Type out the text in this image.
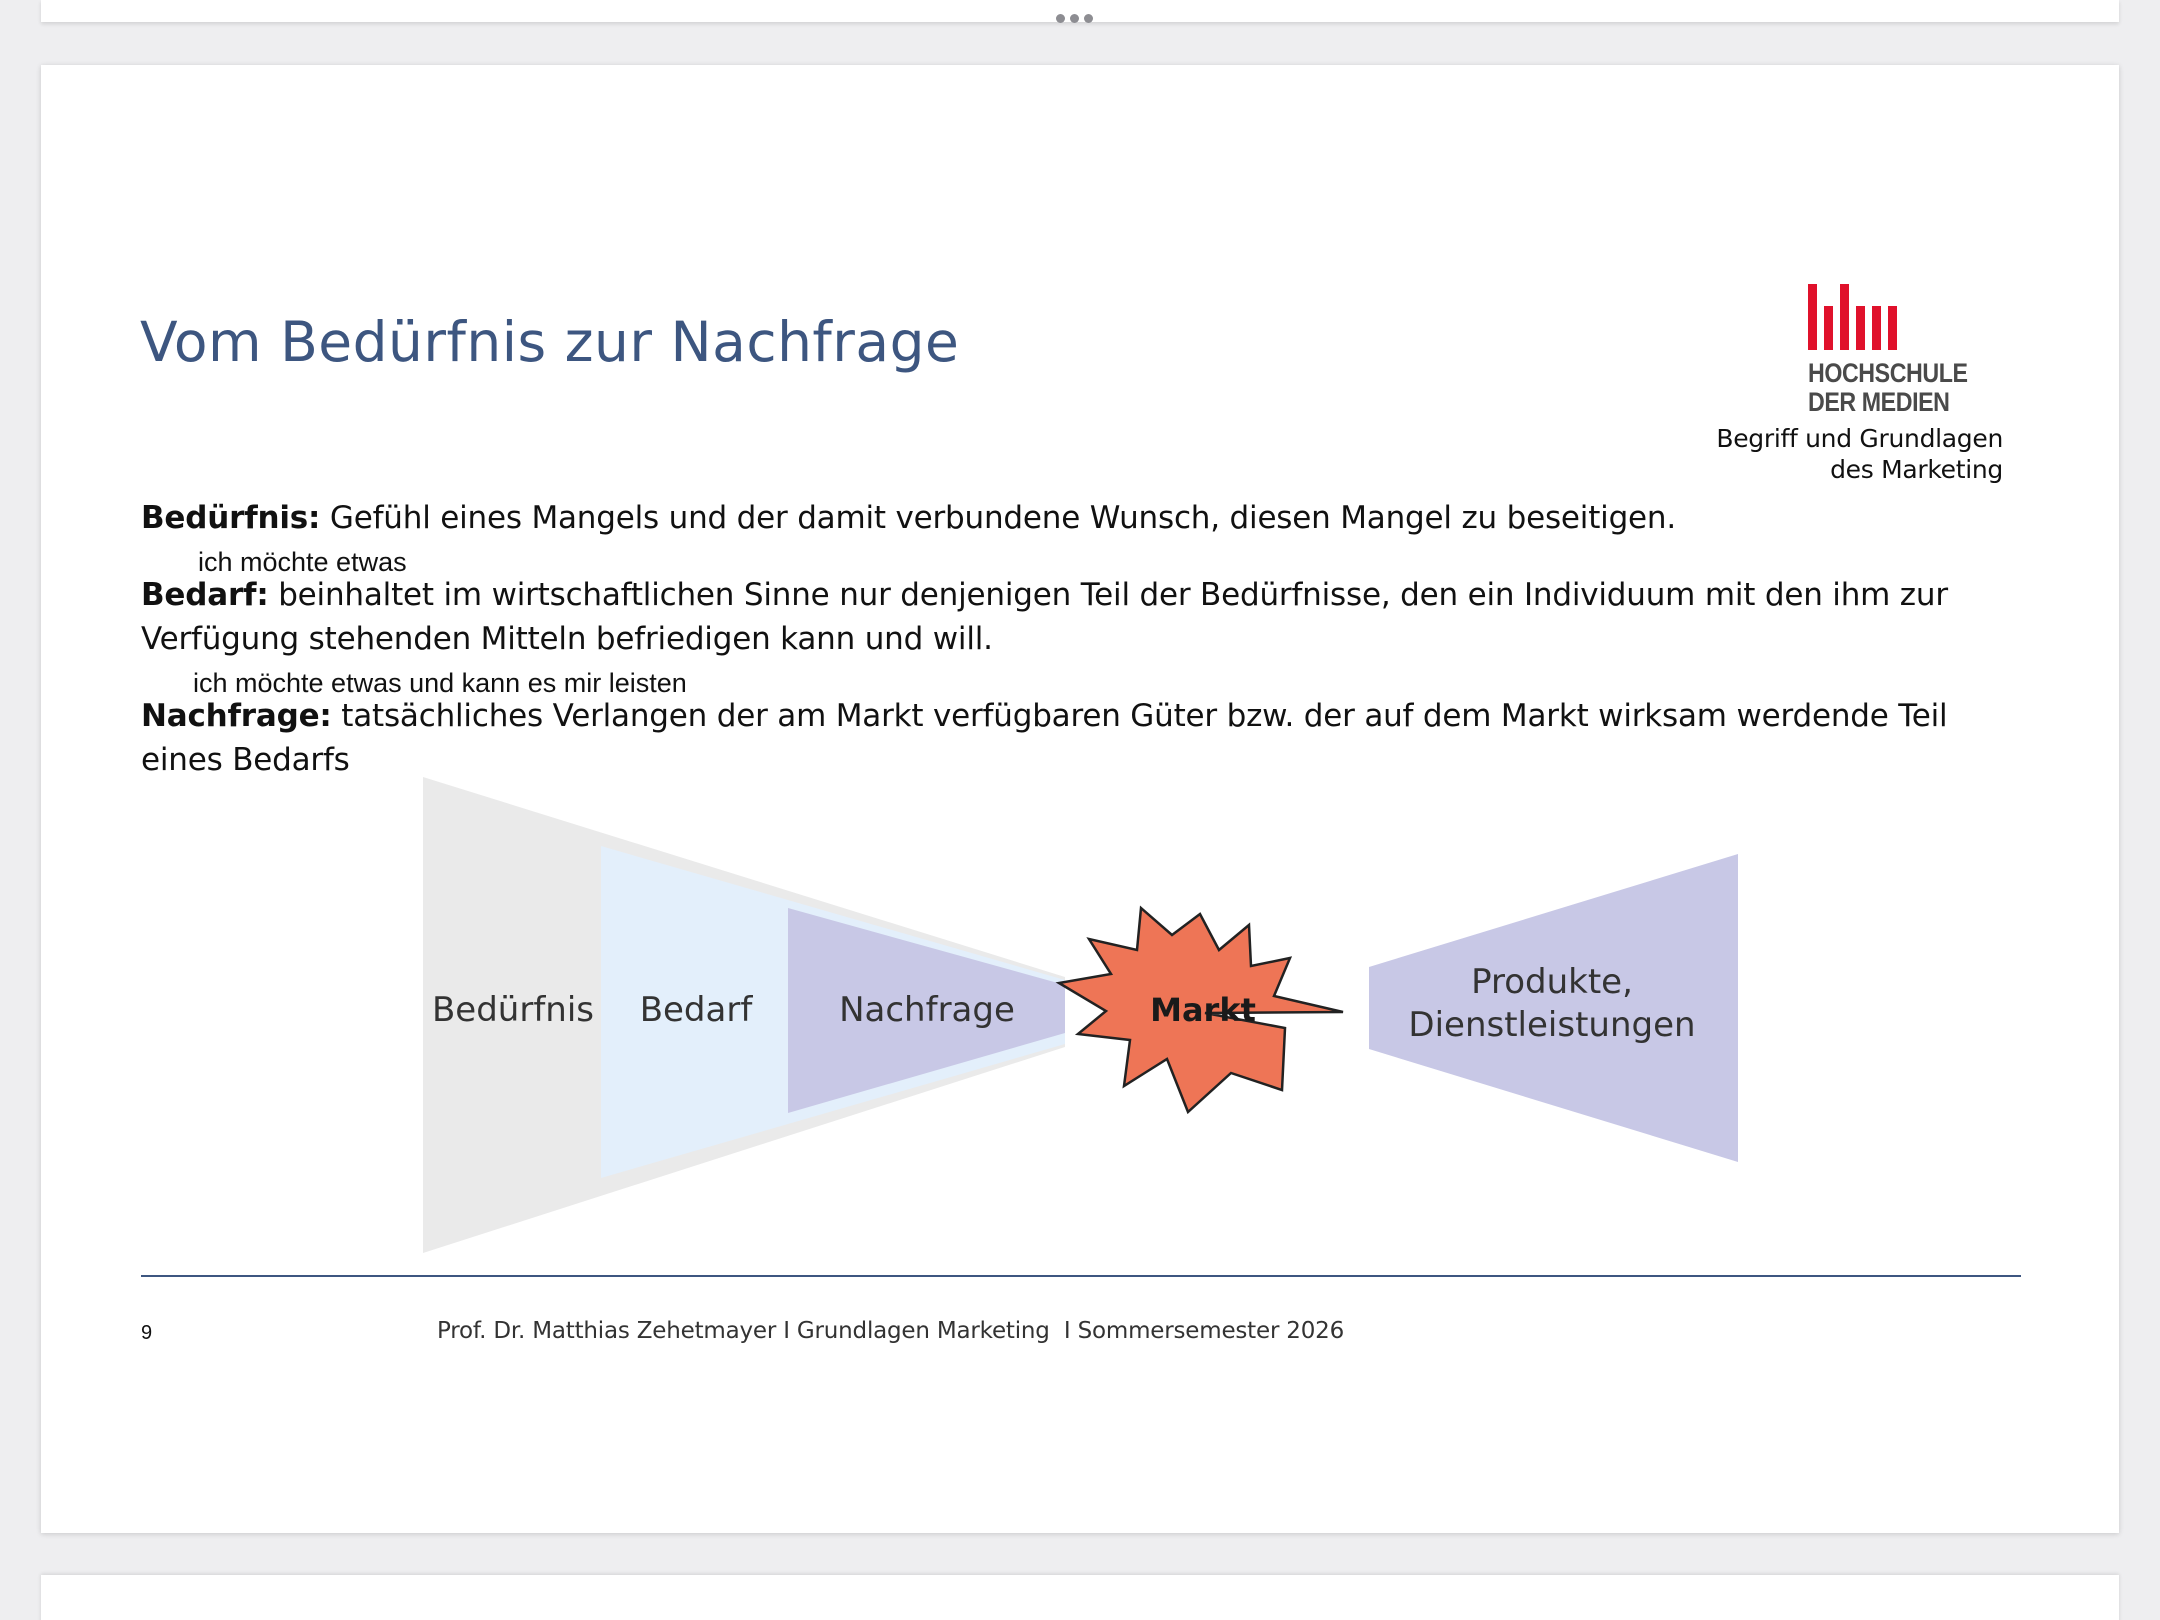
Vom Bedürfnis zur Nachfrage	HOCHSCHULE
DER MEDIEN
Begriff und Grundlagen
des Marketing
Bedürfnis: Gefühl eines Mangels und der damit verbundene Wunsch, diesen Mangel zu beseitigen.
ich möchte etwas
Bedarf: beinhaltet im wirtschaftlichen Sinne nur denjenigen Teil der Bedürfnisse, den ein Individuum mit den ihm zur Verfügung stehenden Mitteln befriedigen kann und will.
ich möchte etwas und kann es mir leisten
Nachfrage: tatsächliches Verlangen der am Markt verfügbaren Güter bzw. der auf dem Markt wirksam werdende Teil eines Bedarfs
Bedürfnis Bedarf	Nachfrage	Markt
Produkte,
Dienstleistungen
9	Prof. Dr. Matthias Zehetmayer I Grundlagen Marketing  I Sommersemester 2026
